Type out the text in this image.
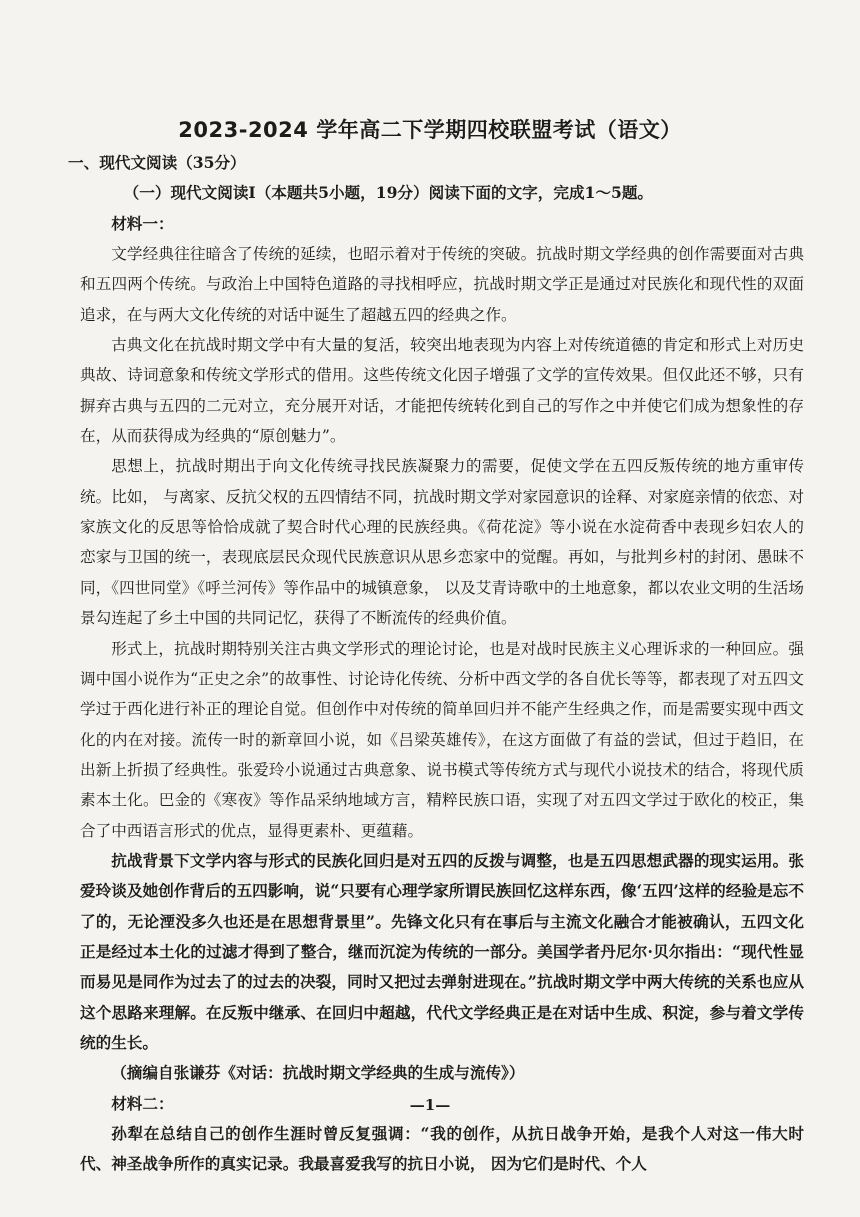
2023-2024 学年高二下学期四校联盟考试（语文）

一、现代文阅读（35分）

（一）现代文阅读Ⅰ（本题共5小题，19分）阅读下面的文字，完成1～5题。

材料一：

文学经典往往暗含了传统的延续，也昭示着对于传统的突破。抗战时期文学经典的创作需要面对古典和五四两个传统。与政治上中国特色道路的寻找相呼应，抗战时期文学正是通过对民族化和现代性的双面追求，在与两大文化传统的对话中诞生了超越五四的经典之作。

古典文化在抗战时期文学中有大量的复活，较突出地表现为内容上对传统道德的肯定和形式上对历史典故、诗词意象和传统文学形式的借用。这些传统文化因子增强了文学的宣传效果。但仅此还不够，只有摒弃古典与五四的二元对立，充分展开对话，才能把传统转化到自己的写作之中并使它们成为想象性的存在，从而获得成为经典的“原创魅力”。

思想上，抗战时期出于向文化传统寻找民族凝聚力的需要，促使文学在五四反叛传统的地方重审传统。比如， 与离家、反抗父权的五四情结不同，抗战时期文学对家园意识的诠释、对家庭亲情的依恋、对家族文化的反思等恰恰成就了契合时代心理的民族经典。《荷花淀》等小说在水淀荷香中表现乡妇农人的恋家与卫国的统一，表现底层民众现代民族意识从思乡恋家中的觉醒。再如，与批判乡村的封闭、愚昧不同，《四世同堂》《呼兰河传》等作品中的城镇意象， 以及艾青诗歌中的土地意象，都以农业文明的生活场景勾连起了乡土中国的共同记忆，获得了不断流传的经典价值。

形式上，抗战时期特别关注古典文学形式的理论讨论，也是对战时民族主义心理诉求的一种回应。强调中国小说作为“正史之余”的故事性、讨论诗化传统、分析中西文学的各自优长等等，都表现了对五四文学过于西化进行补正的理论自觉。但创作中对传统的简单回归并不能产生经典之作，而是需要实现中西文化的内在对接。流传一时的新章回小说，如《吕梁英雄传》，在这方面做了有益的尝试，但过于趋旧，在出新上折损了经典性。张爱玲小说通过古典意象、说书模式等传统方式与现代小说技术的结合，将现代质素本土化。巴金的《寒夜》等作品采纳地域方言，精粹民族口语，实现了对五四文学过于欧化的校正，集合了中西语言形式的优点，显得更素朴、更蕴藉。

抗战背景下文学内容与形式的民族化回归是对五四的反拨与调整，也是五四思想武器的现实运用。张爱玲谈及她创作背后的五四影响，说“只要有心理学家所谓民族回忆这样东西，像‘五四’这样的经验是忘不了的，无论湮没多久也还是在思想背景里”。先锋文化只有在事后与主流文化融合才能被确认，五四文化正是经过本土化的过滤才得到了整合，继而沉淀为传统的一部分。美国学者丹尼尔·贝尔指出：“现代性显而易见是同作为过去了的过去的决裂，同时又把过去弹射进现在。”抗战时期文学中两大传统的关系也应从这个思路来理解。在反叛中继承、在回归中超越，代代文学经典正是在对话中生成、积淀，参与着文学传统的生长。

（摘编自张谦芬《对话：抗战时期文学经典的生成与流传》）

材料二：

孙犁在总结自己的创作生涯时曾反复强调：“我的创作，从抗日战争开始，是我个人对这一伟大时代、神圣战争所作的真实记录。我最喜爱我写的抗日小说， 因为它们是时代、个人

—1—
